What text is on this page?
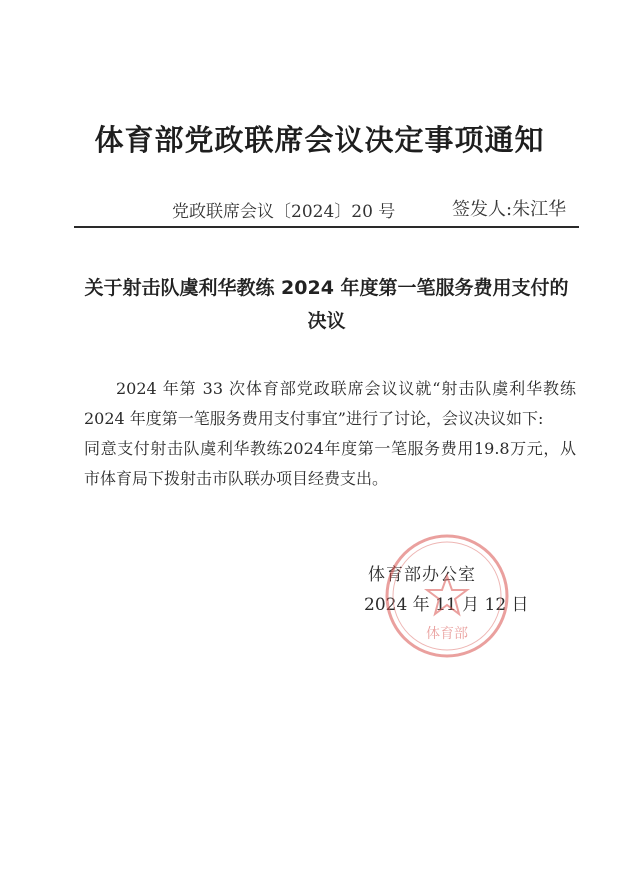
体育部党政联席会议决定事项通知
党政联席会议〔2024〕20 号	签发人:朱江华
关于射击队虞利华教练 2024 年度第一笔服务费用支付的
决议

2024 年第 33 次体育部党政联席会议议就“射击队虞利华教练 2024 年度第一笔服务费用支付事宜”进行了讨论，会议决议如下:

同意支付射击队虞利华教练2024年度第一笔服务费用19.8万元，从市体育局下拨射击市队联办项目经费支出。

体育部办公室
2024 年 11 月 12 日
体育部
